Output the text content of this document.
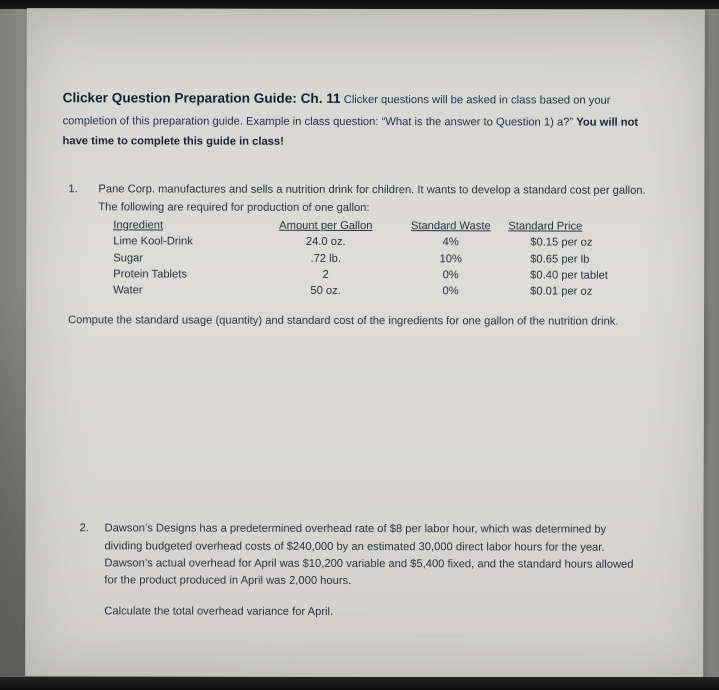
Clicker Question Preparation Guide: Ch. 11 Clicker questions will be asked in class based on your completion of this preparation guide. Example in class question: “What is the answer to Question 1) a?” You will not have time to complete this guide in class!

1.	Pane Corp. manufactures and sells a nutrition drink for children. It wants to develop a standard cost per gallon. The following are required for production of one gallon:
Ingredient	Amount per Gallon	Standard Waste	Standard Price
Lime Kool-Drink	24.0 oz.	4%	$0.15 per oz
Sugar	.72 lb.	10%	$0.65 per lb
Protein Tablets	2	0%	$0.40 per tablet
Water	50 oz.	0%	$0.01 per oz

Compute the standard usage (quantity) and standard cost of the ingredients for one gallon of the nutrition drink.

2.	Dawson’s Designs has a predetermined overhead rate of $8 per labor hour, which was determined by dividing budgeted overhead costs of $240,000 by an estimated 30,000 direct labor hours for the year. Dawson’s actual overhead for April was $10,200 variable and $5,400 fixed, and the standard hours allowed for the product produced in April was 2,000 hours.

Calculate the total overhead variance for April.
